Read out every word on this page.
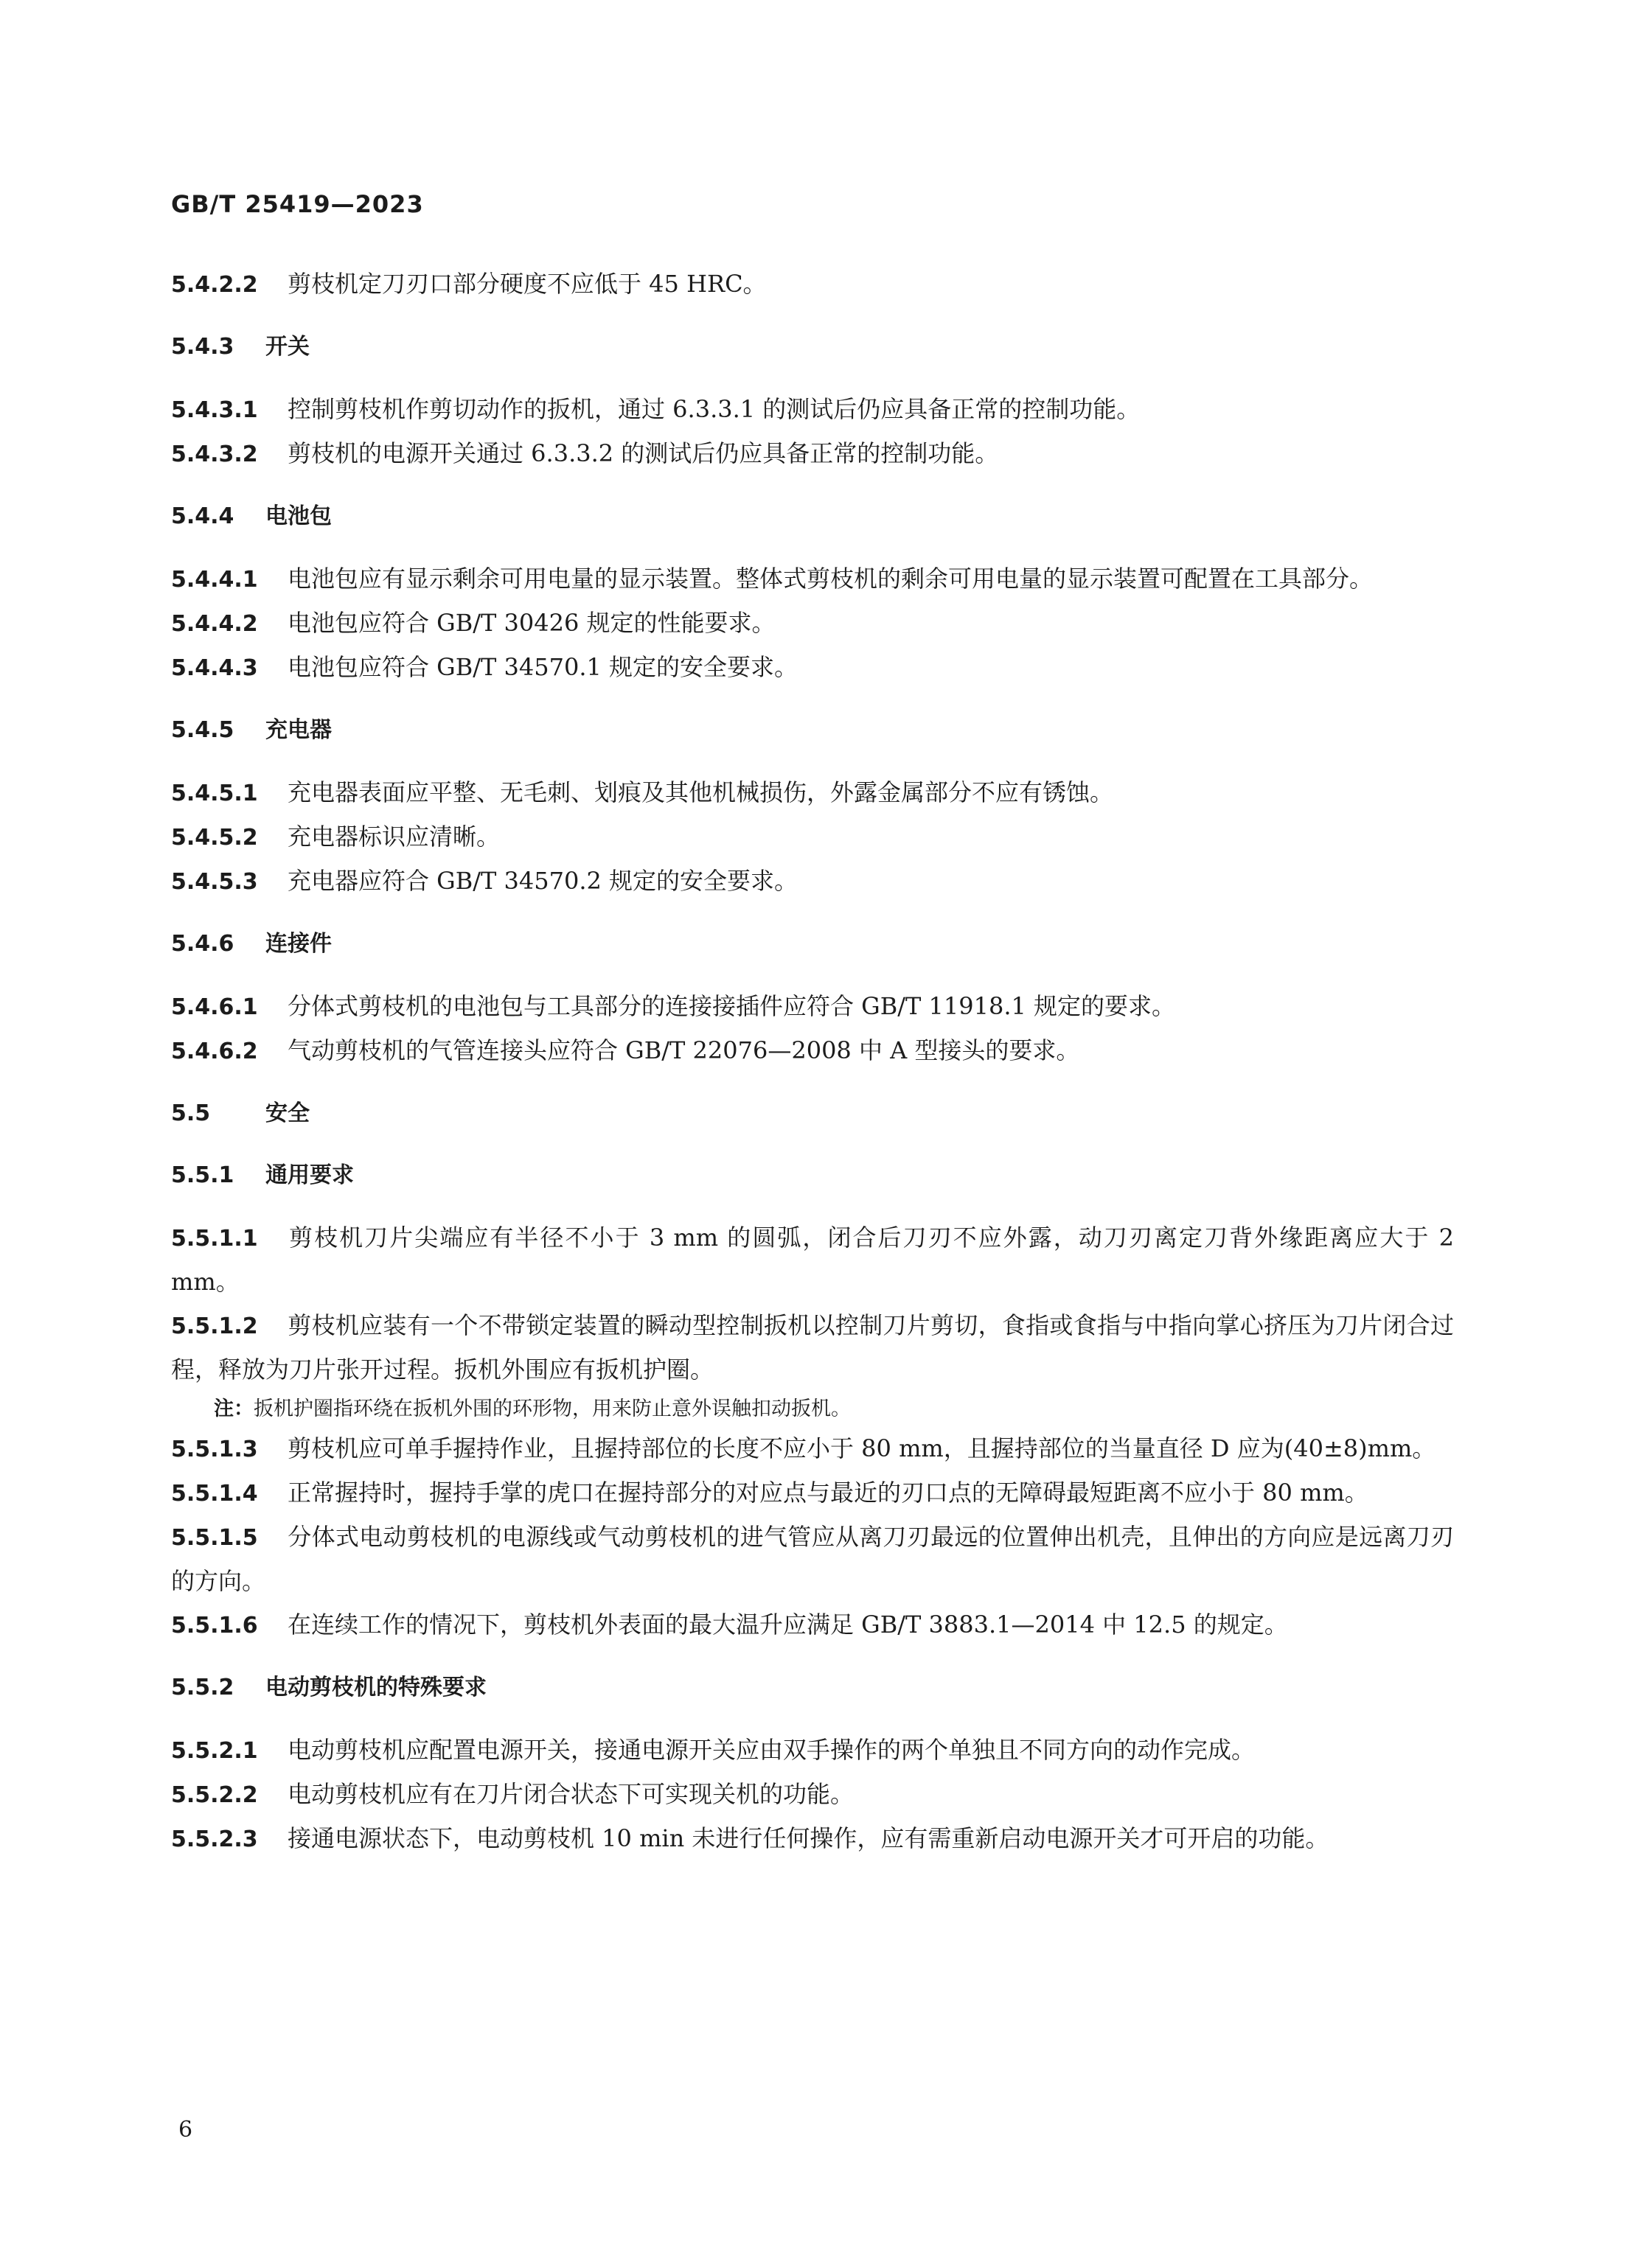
GB/T 25419—2023

5.4.2.2 剪枝机定刀刃口部分硬度不应低于 45 HRC。

5.4.3 开关

5.4.3.1 控制剪枝机作剪切动作的扳机，通过 6.3.3.1 的测试后仍应具备正常的控制功能。

5.4.3.2 剪枝机的电源开关通过 6.3.3.2 的测试后仍应具备正常的控制功能。

5.4.4 电池包

5.4.4.1 电池包应有显示剩余可用电量的显示装置。整体式剪枝机的剩余可用电量的显示装置可配置在工具部分。

5.4.4.2 电池包应符合 GB/T 30426 规定的性能要求。

5.4.4.3 电池包应符合 GB/T 34570.1 规定的安全要求。

5.4.5 充电器

5.4.5.1 充电器表面应平整、无毛刺、划痕及其他机械损伤，外露金属部分不应有锈蚀。

5.4.5.2 充电器标识应清晰。

5.4.5.3 充电器应符合 GB/T 34570.2 规定的安全要求。

5.4.6 连接件

5.4.6.1 分体式剪枝机的电池包与工具部分的连接接插件应符合 GB/T 11918.1 规定的要求。

5.4.6.2 气动剪枝机的气管连接头应符合 GB/T 22076—2008 中 A 型接头的要求。

5.5 安全

5.5.1 通用要求

5.5.1.1 剪枝机刀片尖端应有半径不小于 3 mm 的圆弧，闭合后刀刃不应外露，动刀刃离定刀背外缘距离应大于 2 mm。

5.5.1.2 剪枝机应装有一个不带锁定装置的瞬动型控制扳机以控制刀片剪切，食指或食指与中指向掌心挤压为刀片闭合过程，释放为刀片张开过程。扳机外围应有扳机护圈。

注：扳机护圈指环绕在扳机外围的环形物，用来防止意外误触扣动扳机。

5.5.1.3 剪枝机应可单手握持作业，且握持部位的长度不应小于 80 mm，且握持部位的当量直径 D 应为(40±8)mm。

5.5.1.4 正常握持时，握持手掌的虎口在握持部分的对应点与最近的刃口点的无障碍最短距离不应小于 80 mm。

5.5.1.5 分体式电动剪枝机的电源线或气动剪枝机的进气管应从离刀刃最远的位置伸出机壳，且伸出的方向应是远离刀刃的方向。

5.5.1.6 在连续工作的情况下，剪枝机外表面的最大温升应满足 GB/T 3883.1—2014 中 12.5 的规定。

5.5.2 电动剪枝机的特殊要求

5.5.2.1 电动剪枝机应配置电源开关，接通电源开关应由双手操作的两个单独且不同方向的动作完成。

5.5.2.2 电动剪枝机应有在刀片闭合状态下可实现关机的功能。

5.5.2.3 接通电源状态下，电动剪枝机 10 min 未进行任何操作，应有需重新启动电源开关才可开启的功能。

6
